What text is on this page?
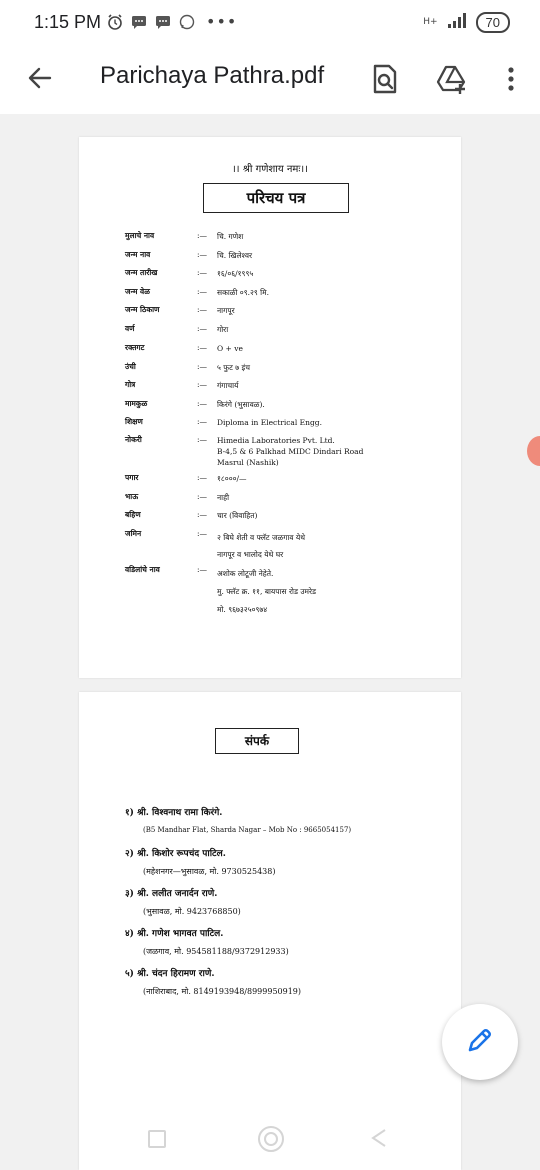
1:15 PM	•••	H+	70
Parichaya Pathra.pdf
।। श्री गणेशाय नमः।।
परिचय पत्र
मुलाचे नाव	:— चि. गणेश
जन्म नाव	:— चि. खिलेश्वर
जन्म तारीख	:— १६/०६/१९९५
जन्म वेळ	:— सकाळी ०९.२९ मि.
जन्म ठिकाण	:— नागपूर
वर्ण	:— गोरा
रक्तगट	:— O + ve
उंची	:— ५ फुट ७ इंच
गोत्र	:— गंगाचार्य
मामकुळ	:— किरंगे (भुसावळ).
शिक्षण	:— Diploma in Electrical Engg.
नोकरी	:— Himedia Laboratories Pvt. Ltd.
B-4,5 & 6 Palkhad MIDC Dindari Road
Masrul (Nashik)
पगार	:— १८०००/—
भाऊ	:— नाही
बहिण	:— चार (विवाहित)
जमिन	:— २ बिघे शेती व फ्लॅट जळगाव येथे
नागपूर व भालोद येथे घर
वडिलांचे नाव	:— अशोक लोटूजी नेहेते.
मु. फ्लॅट क्र. ११, बायपास रोड उमरेड
मो. ९६७३२५०९७४
संपर्क
१) श्री. विश्वनाथ रामा किरंगे.
(B5 Mandhar Flat, Sharda Nagar – Mob No : 9665054157)
२) श्री. किशोर रूपचंद पाटिल.
(महेशनगर—भुसावळ, मो. 9730525438)
३) श्री. ललीत जनार्दन राणे.
(भुसावळ, मो. 9423768850)
४) श्री. गणेश भागवत पाटिल.
(जळगाव, मो. 954581188/9372912933)
५) श्री. चंदन हिरामण राणे.
(नाशिराबाद, मो. 8149193948/8999950919)
